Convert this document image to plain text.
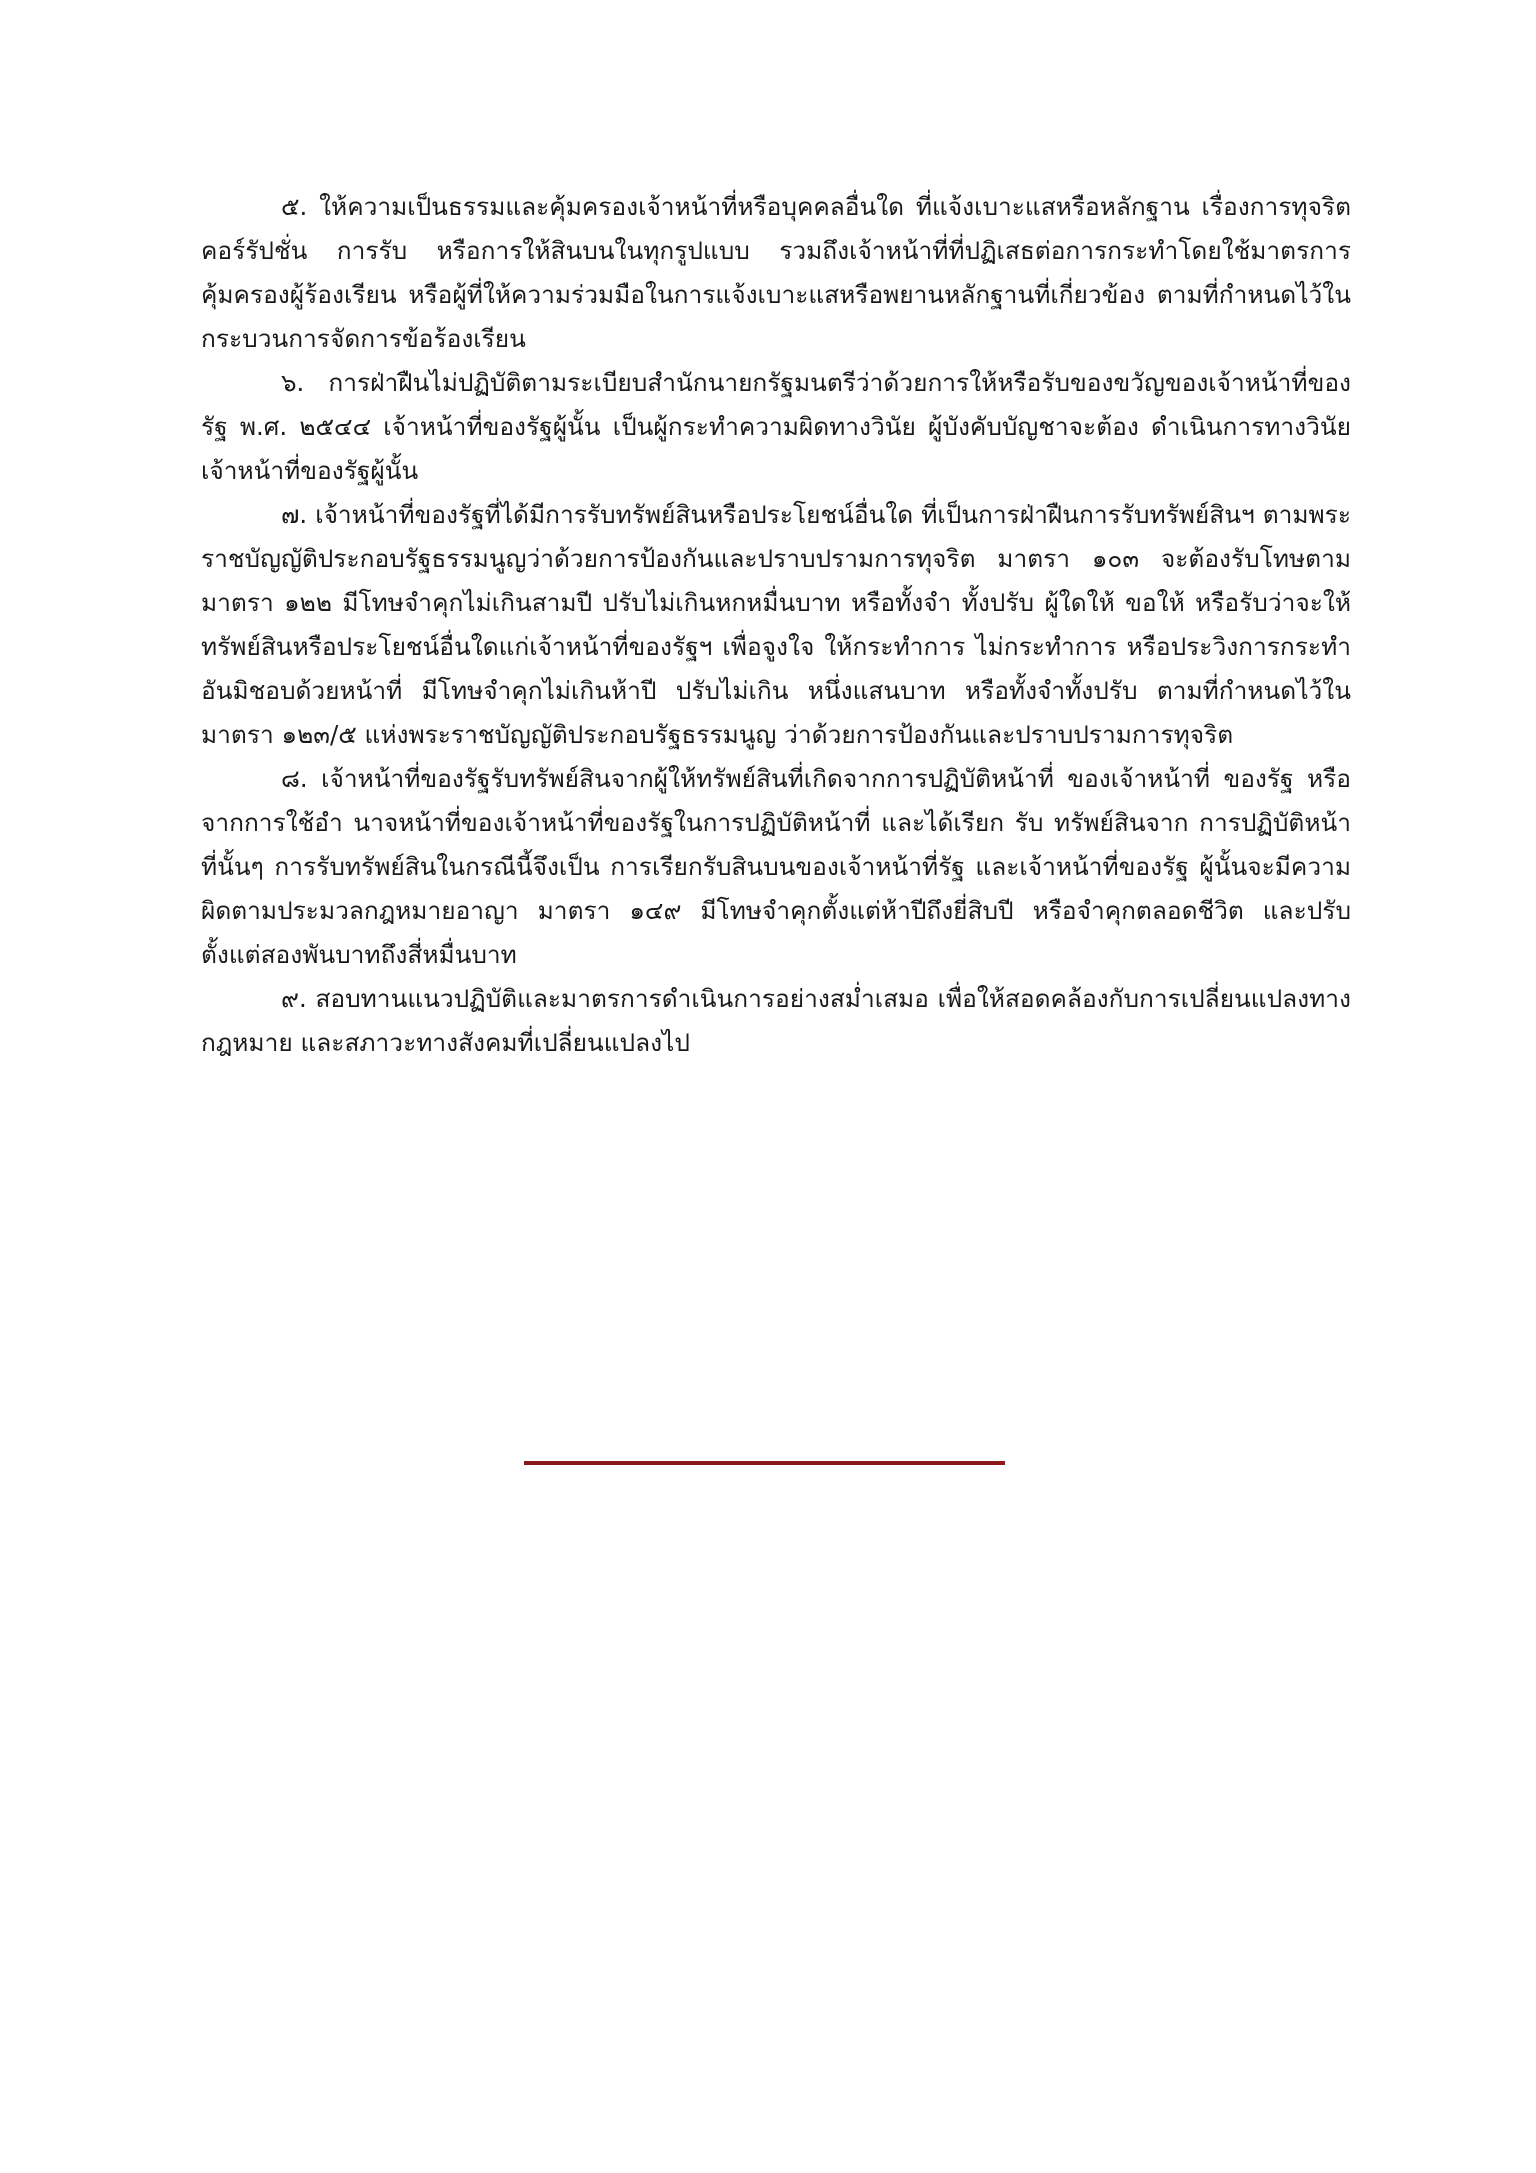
๕. ให้ความเป็นธรรมและคุ้มครองเจ้าหน้าที่หรือบุคคลอื่นใด ที่แจ้งเบาะแสหรือหลักฐาน เรื่องการทุจริตคอร์รัปชั่น การรับ หรือการให้สินบนในทุกรูปแบบ รวมถึงเจ้าหน้าที่ที่ปฏิเสธต่อการกระทำโดยใช้มาตรการคุ้มครองผู้ร้องเรียน หรือผู้ที่ให้ความร่วมมือในการแจ้งเบาะแสหรือพยานหลักฐานที่เกี่ยวข้อง ตามที่กำหนดไว้ในกระบวนการจัดการข้อร้องเรียน

๖. การฝ่าฝืนไม่ปฏิบัติตามระเบียบสำนักนายกรัฐมนตรีว่าด้วยการให้หรือรับของขวัญของเจ้าหน้าที่ของรัฐ พ.ศ. ๒๕๔๔ เจ้าหน้าที่ของรัฐผู้นั้น เป็นผู้กระทำความผิดทางวินัย ผู้บังคับบัญชาจะต้อง ดำเนินการทางวินัยเจ้าหน้าที่ของรัฐผู้นั้น

๗. เจ้าหน้าที่ของรัฐที่ได้มีการรับทรัพย์สินหรือประโยชน์อื่นใด ที่เป็นการฝ่าฝืนการรับทรัพย์สินฯ ตามพระราชบัญญัติประกอบรัฐธรรมนูญว่าด้วยการป้องกันและปราบปรามการทุจริต มาตรา ๑๐๓ จะต้องรับโทษตามมาตรา ๑๒๒ มีโทษจำคุกไม่เกินสามปี ปรับไม่เกินหกหมื่นบาท หรือทั้งจำ ทั้งปรับ ผู้ใดให้ ขอให้ หรือรับว่าจะให้ทรัพย์สินหรือประโยชน์อื่นใดแก่เจ้าหน้าที่ของรัฐฯ เพื่อจูงใจ ให้กระทำการ ไม่กระทำการ หรือประวิงการกระทำอันมิชอบด้วยหน้าที่ มีโทษจำคุกไม่เกินห้าปี ปรับไม่เกิน หนึ่งแสนบาท หรือทั้งจำทั้งปรับ ตามที่กำหนดไว้ในมาตรา ๑๒๓/๕ แห่งพระราชบัญญัติประกอบรัฐธรรมนูญ ว่าด้วยการป้องกันและปราบปรามการทุจริต

๘. เจ้าหน้าที่ของรัฐรับทรัพย์สินจากผู้ให้ทรัพย์สินที่เกิดจากการปฏิบัติหน้าที่ ของเจ้าหน้าที่ ของรัฐ หรือจากการใช้อำ นาจหน้าที่ของเจ้าหน้าที่ของรัฐในการปฏิบัติหน้าที่ และได้เรียก รับ ทรัพย์สินจาก การปฏิบัติหน้าที่นั้นๆ การรับทรัพย์สินในกรณีนี้จึงเป็น การเรียกรับสินบนของเจ้าหน้าที่รัฐ และเจ้าหน้าที่ของรัฐ ผู้นั้นจะมีความผิดตามประมวลกฎหมายอาญา มาตรา ๑๔๙ มีโทษจำคุกตั้งแต่ห้าปีถึงยี่สิบปี หรือจำคุกตลอดชีวิต และปรับตั้งแต่สองพันบาทถึงสี่หมื่นบาท

๙. สอบทานแนวปฏิบัติและมาตรการดำเนินการอย่างสม่ำเสมอ เพื่อให้สอดคล้องกับการเปลี่ยนแปลงทางกฎหมาย และสภาวะทางสังคมที่เปลี่ยนแปลงไป
